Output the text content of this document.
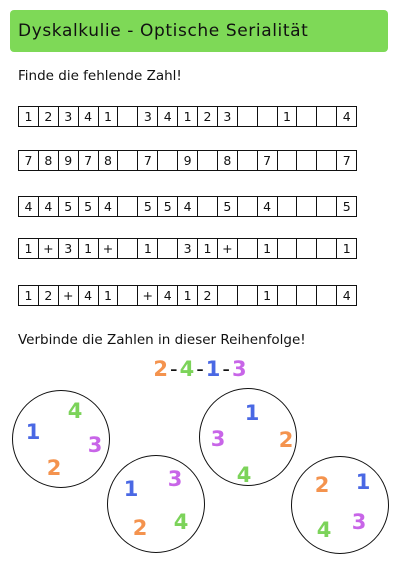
Dyskalkulie - Optische Serialität
Finde die fehlende Zahl!
1 2 3 4 1	3 4 1 2 3	1	4
7 8 9 7 8	7	9	8	7	7
4 4 5 5 4	5 5 4	5	4	5
1 + 3 1 +	1	3 1 +	1	1
1 2 + 4 1	+ 4 1 2	1	4
Verbinde die Zahlen in dieser Reihenfolge!
2 - 4 - 1 - 3
1
4
3
2
1 3
2 4
1
2
3
4	2 1
3
4
